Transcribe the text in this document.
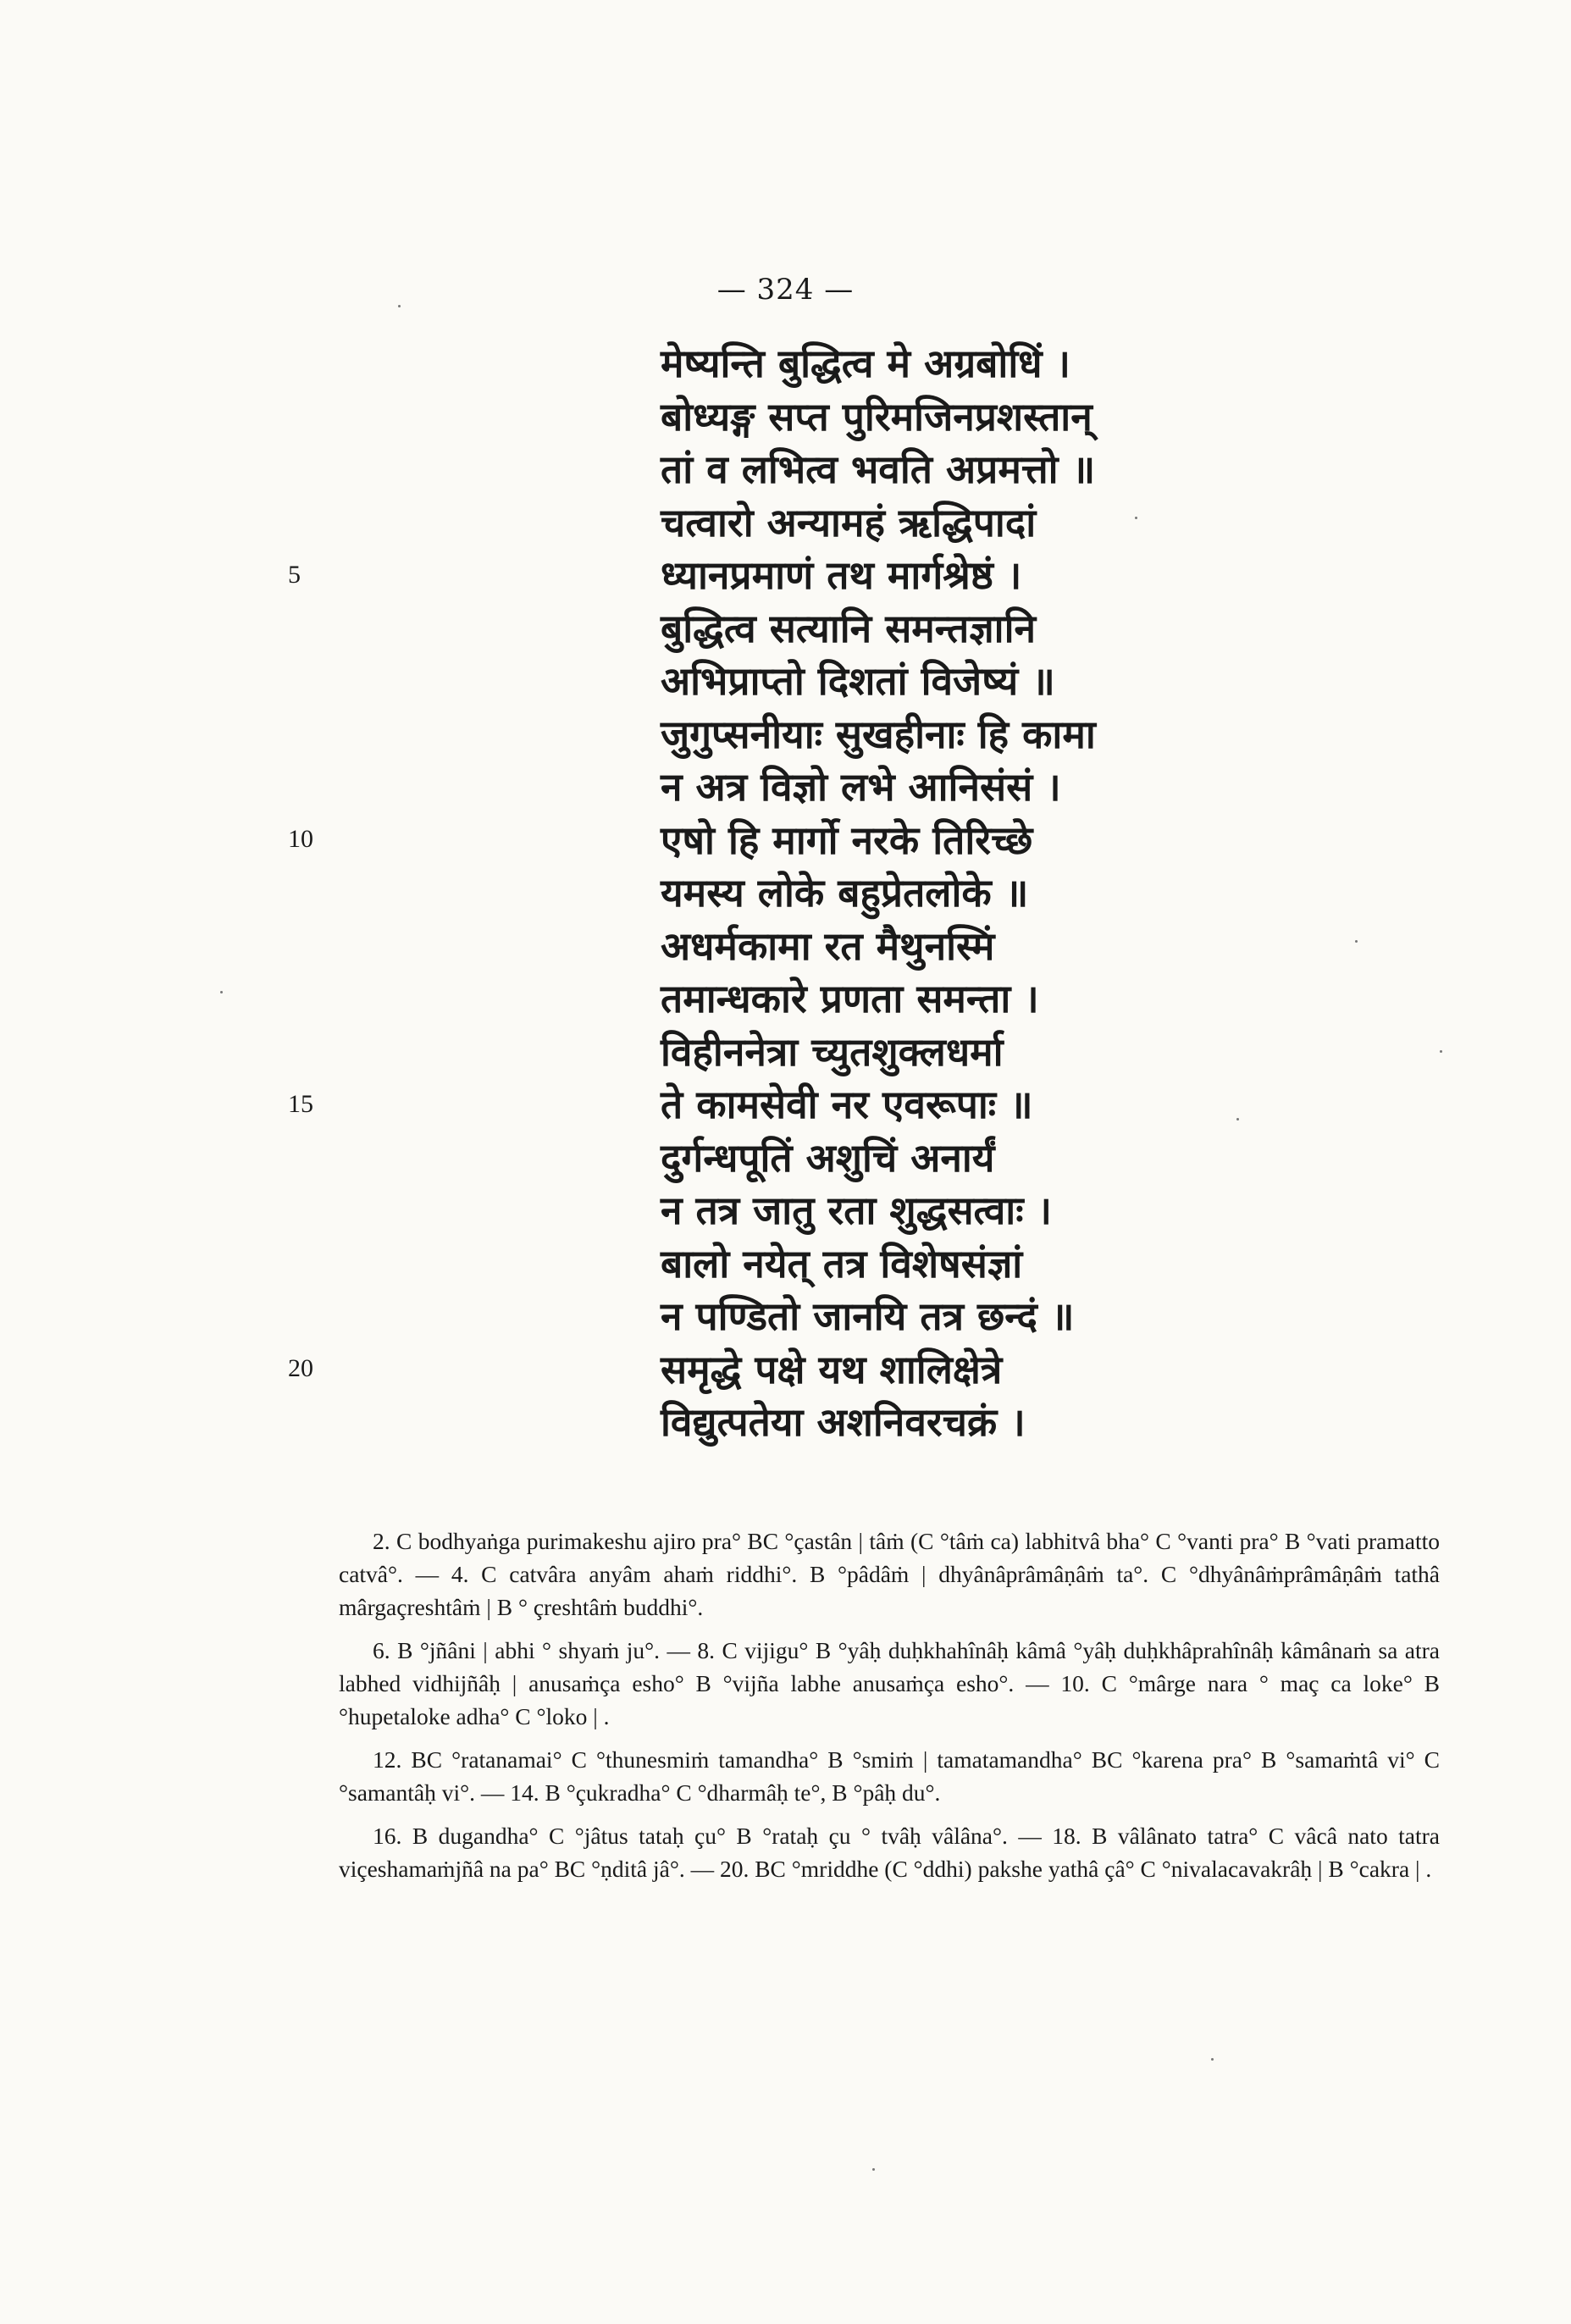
— 324 —
मेष्यन्ति बुद्धित्व मे अग्रबोधिं ।
बोध्यङ्ग सप्त पुरिमजिनप्रशस्तान्
तां व लभित्व भवति अप्रमत्तो ॥
चत्वारो अन्यामहं ऋद्धिपादां
ध्यानप्रमाणं तथ मार्गश्रेष्ठं ।
बुद्धित्व सत्यानि समन्तज्ञानि
अभिप्राप्तो दिशतां विजेष्यं ॥
जुगुप्सनीयाः सुखहीनाः हि कामा
न अत्र विज्ञो लभे आनिसंसं ।
एषो हि मार्गो नरके तिरिच्छे
यमस्य लोके बहुप्रेतलोके ॥
अधर्मकामा रत मैथुनस्मिं
तमान्धकारे प्रणता समन्ता ।
विहीननेत्रा च्युतशुक्लधर्मा
ते कामसेवी नर एवरूपाः ॥
दुर्गन्धपूतिं अशुचिं अनार्यं
न तत्र जातु रता शुद्धसत्वाः ।
बालो नयेत् तत्र विशेषसंज्ञां
न पण्डितो जानयि तत्र छन्दं ॥
समृद्धे पक्षे यथ शालिक्षेत्रे
विद्युत्पतेया अशनिवरचक्रं ।
5
10
15
20

2. C bodhyaṅga purimakeshu ajiro pra° BC °çastân | tâṁ (C °tâṁ ca) labhitvâ bha° C °vanti pra° B °vati pramatto catvâ°. — 4. C catvâra anyâm ahaṁ riddhi°. B °pâdâṁ | dhyânâprâmâṇâṁ ta°. C °dhyânâṁprâmâṇâṁ tathâ mârgaçreshtâṁ | B ° çreshtâṁ buddhi°.

6. B °jñâni | abhi ° shyaṁ ju°. — 8. C vijigu° B °yâḥ duḥkhahînâḥ kâmâ °yâḥ duḥkhâprahînâḥ kâmânaṁ sa atra labhed vidhijñâḥ | anusaṁça esho° B °vijña labhe anusaṁça esho°. — 10. C °mârge nara ° maç ca loke° B °hupetaloke adha° C °loko | .

12. BC °ratanamai° C °thunesmiṁ tamandha° B °smiṁ | tamatamandha° BC °karena pra° B °samaṁtâ vi° C °samantâḥ vi°. — 14. B °çukradha° C °dharmâḥ te°, B °pâḥ du°.

16. B dugandha° C °jâtus tataḥ çu° B °rataḥ çu ° tvâḥ vâlâna°. — 18. B vâlânato tatra° C vâcâ nato tatra viçeshamaṁjñâ na pa° BC °ṇditâ jâ°. — 20. BC °mriddhe (C °ddhi) pakshe yathâ çâ° C °nivalacavakrâḥ | B °cakra | .
